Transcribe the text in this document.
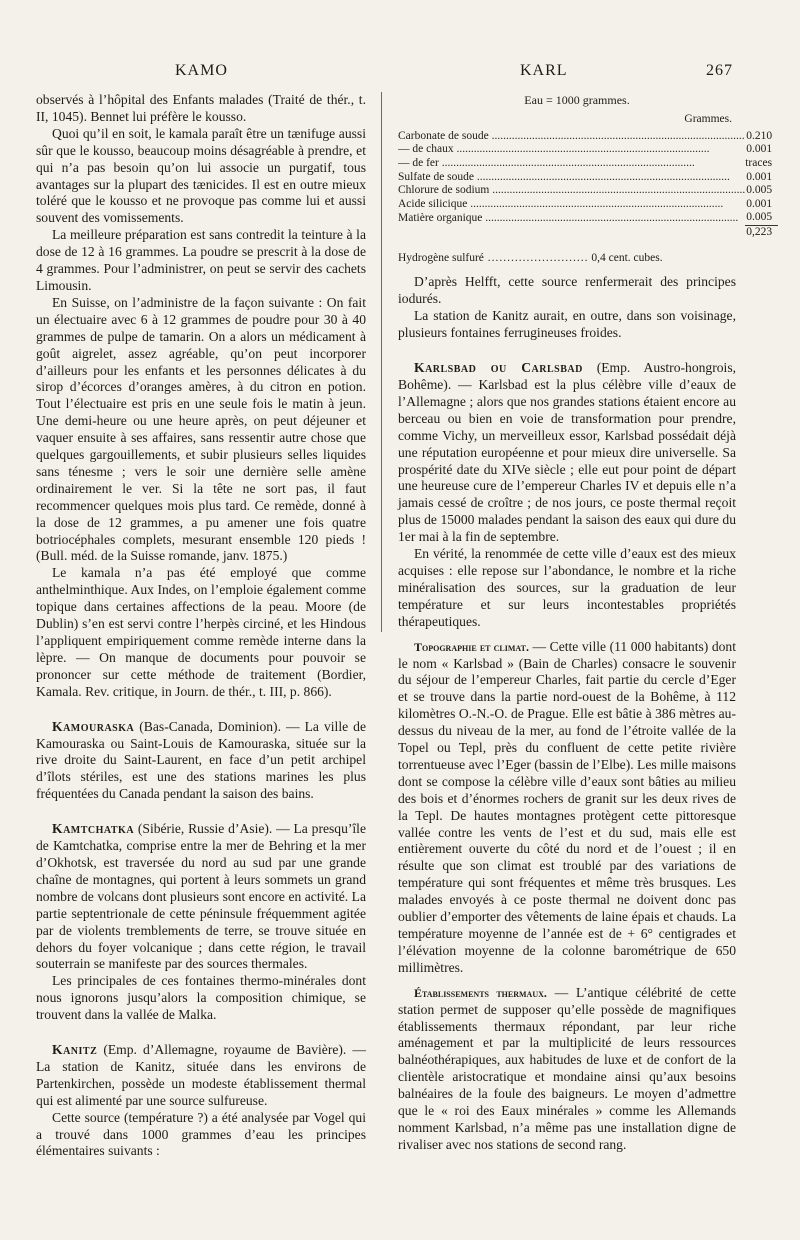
KAMO	KARL	267

observés à l’hôpital des Enfants malades (Traité de thér., t. II, 1045). Bennet lui préfère le kousso.

Quoi qu’il en soit, le kamala paraît être un tænifuge aussi sûr que le kousso, beaucoup moins désagréable à prendre, et qui n’a pas besoin qu’on lui associe un purgatif, tous avantages sur la plupart des tænicides. Il est en outre mieux toléré que le kousso et ne provoque pas comme lui et aussi souvent des vomissements.

La meilleure préparation est sans contredit la teinture à la dose de 12 à 16 grammes. La poudre se prescrit à la dose de 4 grammes. Pour l’administrer, on peut se servir des cachets Limousin.

En Suisse, on l’administre de la façon suivante : On fait un électuaire avec 6 à 12 grammes de poudre pour 30 à 40 grammes de pulpe de tamarin. On a alors un médicament à goût aigrelet, assez agréable, qu’on peut incorporer d’ailleurs pour les enfants et les personnes délicates à du sirop d’écorces d’oranges amères, à du citron en potion. Tout l’électuaire est pris en une seule fois le matin à jeun. Une demi-heure ou une heure après, on peut déjeuner et vaquer ensuite à ses affaires, sans ressentir autre chose que quelques gargouillements, et subir plusieurs selles liquides sans ténesme ; vers le soir une dernière selle amène ordinairement le ver. Si la tête ne sort pas, il faut recommencer quelques mois plus tard. Ce remède, donné à la dose de 12 grammes, a pu amener une fois quatre botriocéphales complets, mesurant ensemble 120 pieds ! (Bull. méd. de la Suisse romande, janv. 1875.)

Le kamala n’a pas été employé que comme anthelminthique. Aux Indes, on l’emploie également comme topique dans certaines affections de la peau. Moore (de Dublin) s’en est servi contre l’herpès circiné, et les Hindous l’appliquent empiriquement comme remède interne dans la lèpre. — On manque de documents pour pouvoir se prononcer sur cette méthode de traitement (Bordier, Kamala. Rev. critique, in Journ. de thér., t. III, p. 866).

Kamouraska (Bas-Canada, Dominion). — La ville de Kamouraska ou Saint-Louis de Kamouraska, située sur la rive droite du Saint-Laurent, en face d’un petit archipel d’îlots stériles, est une des stations marines les plus fréquentées du Canada pendant la saison des bains.

Kamtchatka (Sibérie, Russie d’Asie). — La presqu’île de Kamtchatka, comprise entre la mer de Behring et la mer d’Okhotsk, est traversée du nord au sud par une grande chaîne de montagnes, qui portent à leurs sommets un grand nombre de volcans dont plusieurs sont encore en activité. La partie septentrionale de cette péninsule fréquemment agitée par de violents tremblements de terre, se trouve située en dehors du foyer volcanique ; dans cette région, le travail souterrain se manifeste par des sources thermales.

Les principales de ces fontaines thermo-minérales dont nous ignorons jusqu’alors la composition chimique, se trouvent dans la vallée de Malka.

Kanitz (Emp. d’Allemagne, royaume de Bavière). — La station de Kanitz, située dans les environs de Partenkirchen, possède un modeste établissement thermal qui est alimenté par une source sulfureuse.

Cette source (température ?) a été analysée par Vogel qui a trouvé dans 1000 grammes d’eau les principes élémentaires suivants :

Eau = 1000 grammes.
Grammes.
Carbonate de soude .....	0.210
— de chaux .....	0.001
— de fer .....	traces
Sulfate de soude .....	0.001
Chlorure de sodium .....	0.005
Acide silicique .....	0.001
Matière organique .....	0.005
	0,223
Hydrogène sulfuré .......................... 0,4 cent. cubes.

D’après Helfft, cette source renfermerait des principes iodurés.

La station de Kanitz aurait, en outre, dans son voisinage, plusieurs fontaines ferrugineuses froides.

Karlsbad ou Carlsbad (Emp. Austro-hongrois, Bohême). — Karlsbad est la plus célèbre ville d’eaux de l’Allemagne ; alors que nos grandes stations étaient encore au berceau ou bien en voie de transformation pour prendre, comme Vichy, un merveilleux essor, Karlsbad possédait déjà une réputation européenne et pour mieux dire universelle. Sa prospérité date du XIVe siècle ; elle eut pour point de départ une heureuse cure de l’empereur Charles IV et depuis elle n’a jamais cessé de croître ; de nos jours, ce poste thermal reçoit plus de 15000 malades pendant la saison des eaux qui dure du 1er mai à la fin de septembre.

En vérité, la renommée de cette ville d’eaux est des mieux acquises : elle repose sur l’abondance, le nombre et la riche minéralisation des sources, sur la graduation de leur température et sur leurs incontestables propriétés thérapeutiques.

Topographie et climat. — Cette ville (11 000 habitants) dont le nom « Karlsbad » (Bain de Charles) consacre le souvenir du séjour de l’empereur Charles, fait partie du cercle d’Eger et se trouve dans la partie nord-ouest de la Bohême, à 112 kilomètres O.-N.-O. de Prague. Elle est bâtie à 386 mètres au-dessus du niveau de la mer, au fond de l’étroite vallée de la Topel ou Tepl, près du confluent de cette petite rivière torrentueuse avec l’Eger (bassin de l’Elbe). Les mille maisons dont se compose la célèbre ville d’eaux sont bâties au milieu des bois et d’énormes rochers de granit sur les deux rives de la Tepl. De hautes montagnes protègent cette pittoresque vallée contre les vents de l’est et du sud, mais elle est entièrement ouverte du côté du nord et de l’ouest ; il en résulte que son climat est troublé par des variations de température qui sont fréquentes et même très brusques. Les malades envoyés à ce poste thermal ne doivent donc pas oublier d’emporter des vêtements de laine épais et chauds. La température moyenne de l’année est de + 6° centigrades et l’élévation moyenne de la colonne barométrique de 650 millimètres.

Établissements thermaux. — L’antique célébrité de cette station permet de supposer qu’elle possède de magnifiques établissements thermaux répondant, par leur riche aménagement et par la multiplicité de leurs ressources balnéothérapiques, aux habitudes de luxe et de confort de la clientèle aristocratique et mondaine ainsi qu’aux besoins balnéaires de la foule des baigneurs. Le moyen d’admettre que le « roi des Eaux minérales » comme les Allemands nomment Karlsbad, n’a même pas une installation digne de rivaliser avec nos stations de second rang.
